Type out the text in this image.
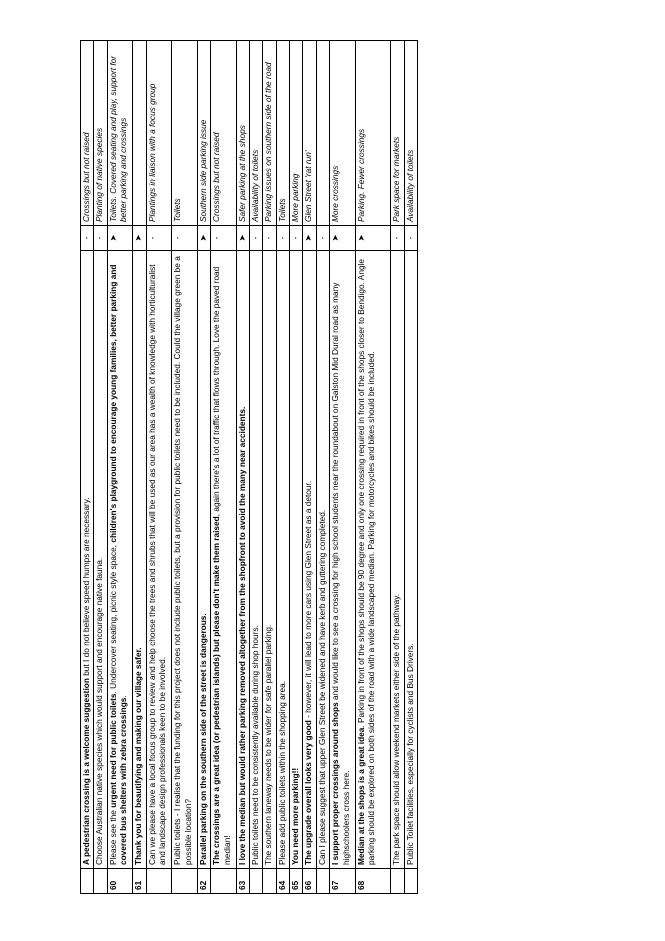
	A pedestrian crossing is a welcome suggestion but I do not believe speed humps are necessary.	-	Crossings but not raised
	Choose Australian native species which would support and encourage native fauna.	-	Planting of native species
60	Please see the urgent need for public toilets. Undercover seating, picnic style space, children's playground to encourage young families, better parking and covered bus shelters with zebra crossings.	➤	Toilets. Covered seating and play, support for better parking and crossings
61	Thank you for beautifying and making our village safer.	➤	
	Can we please have a local focus group to review and help choose the trees and shrubs that will be used as our area has a wealth of knowledge with horticulturalist and landscape design professionals keen to be involved.	-	Plantings in liaison with a focus group
	Public toilets - I realise that the funding for this project does not include public toilets, but a provision for public toilets need to be included. Could the village green be a possible location?	-	Toilets
62	Parallel parking on the southern side of the street is dangerous.	➤	Southern side parking issue
	The crossings are a great idea (or pedestrian islands) but please don't make them raised, again there's a lot of traffic that flows through. Love the paved road median!	-	Crossings but not raised
63	I love the median but would rather parking removed altogether from the shopfront to avoid the many near accidents.	➤	Safer parking at the shops
	Public toilets need to be consistently available during shop hours.	-	Availability of toilets
	The southern laneway needs to be wider for safe parallel parking.	-	Parking issues on southern side of the road
64	Please add public toilets within the shopping area.	-	Toilets
65	You need more parking!!	-	More parking
66	The upgrade overall looks very good - however, it will lead to more cars using Glen Street as a detour.	➤	Glen Street 'rat run'
	Can I please suggest that upper Glen Street be widened and have kerb and guttering completed.	-	
67	I support proper crossings around shops and would like to see a crossing for high school students near the roundabout on Galston Mid Dural road as many highschoolers cross here.	➤	More crossings
68	Median at the shops is a great idea. Parking in front of the shops should be 90 degree and only one crossing required in front of the shops closer to Bendigo. Angle parking should be explored on both sides of the road with a wide landscaped median. Parking for motorcycles and bikes should be included.	➤	Parking. Fewer crossings
	The park space should allow weekend markets either side of the pathway.	-	Park space for markets
	Public Toilet facilities, especially for cyclists and Bus Drivers.	-	Availability of toilets
